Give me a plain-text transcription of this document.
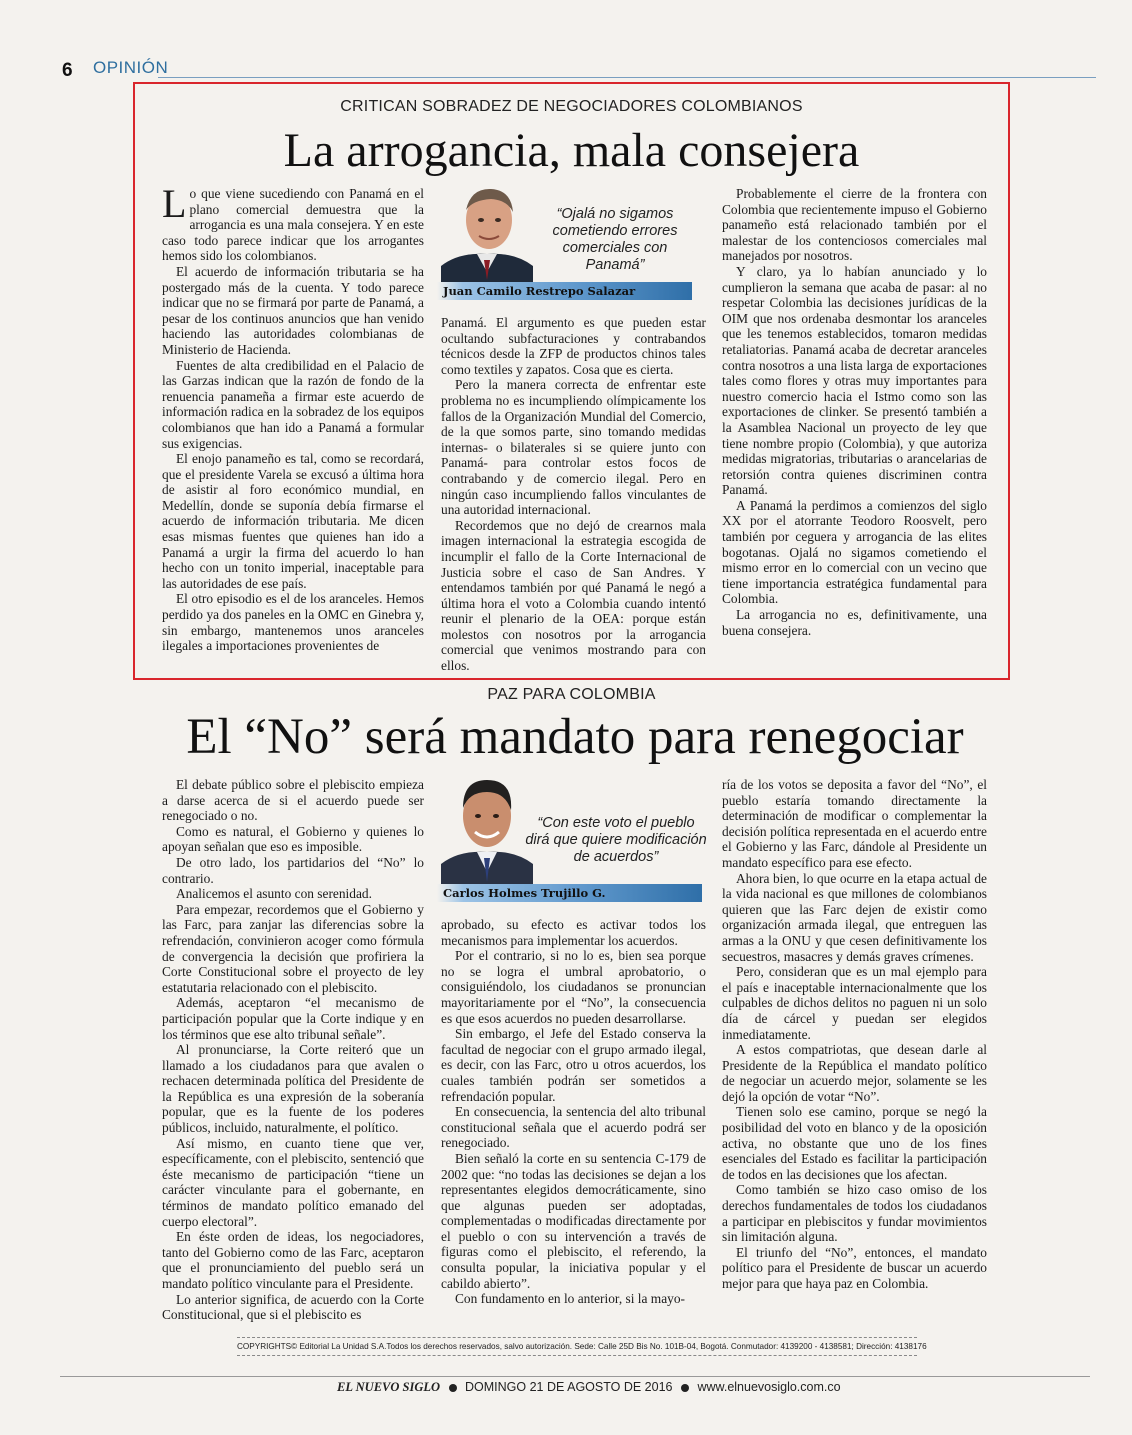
6 OPINIÓN
CRITICAN SOBRADEZ DE NEGOCIADORES COLOMBIANOS
La arrogancia, mala consejera

Lo que viene sucediendo con Panamá en el plano comercial demuestra que la arrogancia es una mala consejera. Y en este caso todo parece indicar que los arrogantes hemos sido los colombianos.

El acuerdo de información tributaria se ha postergado más de la cuenta. Y todo parece indicar que no se firmará por parte de Panamá, a pesar de los continuos anuncios que han venido haciendo las autoridades colombianas de Ministerio de Hacienda.

Fuentes de alta credibilidad en el Palacio de las Garzas indican que la razón de fondo de la renuencia panameña a firmar este acuerdo de información radica en la sobradez de los equipos colombianos que han ido a Panamá a formular sus exigencias.

El enojo panameño es tal, como se recordará, que el presidente Varela se excusó a última hora de asistir al foro económico mundial, en Medellín, donde se suponía debía firmarse el acuerdo de información tributaria. Me dicen esas mismas fuentes que quienes han ido a Panamá a urgir la firma del acuerdo lo han hecho con un tonito imperial, inaceptable para las autoridades de ese país.

El otro episodio es el de los aranceles. Hemos perdido ya dos paneles en la OMC en Ginebra y, sin embargo, mantenemos unos aranceles ilegales a importaciones provenientes de

“Ojalá no sigamos cometiendo errores comerciales con Panamá”
Juan Camilo Restrepo Salazar

Panamá. El argumento es que pueden estar ocultando subfacturaciones y contrabandos técnicos desde la ZFP de productos chinos tales como textiles y zapatos. Cosa que es cierta.

Pero la manera correcta de enfrentar este problema no es incumpliendo olímpicamente los fallos de la Organización Mundial del Comercio, de la que somos parte, sino tomando medidas internas- o bilaterales si se quiere junto con Panamá- para controlar estos focos de contrabando y de comercio ilegal. Pero en ningún caso incumpliendo fallos vinculantes de una autoridad internacional.

Recordemos que no dejó de crearnos mala imagen internacional la estrategia escogida de incumplir el fallo de la Corte Internacional de Justicia sobre el caso de San Andres. Y entendamos también por qué Panamá le negó a última hora el voto a Colombia cuando intentó reunir el plenario de la OEA: porque están molestos con nosotros por la arrogancia comercial que venimos mostrando para con ellos.

Probablemente el cierre de la frontera con Colombia que recientemente impuso el Gobierno panameño está relacionado también por el malestar de los contenciosos comerciales mal manejados por nosotros.

Y claro, ya lo habían anunciado y lo cumplieron la semana que acaba de pasar: al no respetar Colombia las decisiones jurídicas de la OIM que nos ordenaba desmontar los aranceles que les tenemos establecidos, tomaron medidas retaliatorias. Panamá acaba de decretar aranceles contra nosotros a una lista larga de exportaciones tales como flores y otras muy importantes para nuestro comercio hacia el Istmo como son las exportaciones de clinker. Se presentó también a la Asamblea Nacional un proyecto de ley que tiene nombre propio (Colombia), y que autoriza medidas migratorias, tributarias o arancelarias de retorsión contra quienes discriminen contra Panamá.

A Panamá la perdimos a comienzos del siglo XX por el atorrante Teodoro Roosvelt, pero también por ceguera y arrogancia de las elites bogotanas. Ojalá no sigamos cometiendo el mismo error en lo comercial con un vecino que tiene importancia estratégica fundamental para Colombia.

La arrogancia no es, definitivamente, una buena consejera.

PAZ PARA COLOMBIA
El “No” será mandato para renegociar

El debate público sobre el plebiscito empieza a darse acerca de si el acuerdo puede ser renegociado o no.

Como es natural, el Gobierno y quienes lo apoyan señalan que eso es imposible.

De otro lado, los partidarios del “No” lo contrario.

Analicemos el asunto con serenidad.

Para empezar, recordemos que el Gobierno y las Farc, para zanjar las diferencias sobre la refrendación, convinieron acoger como fórmula de convergencia la decisión que profiriera la Corte Constitucional sobre el proyecto de ley estatutaria relacionado con el plebiscito.

Además, aceptaron “el mecanismo de participación popular que la Corte indique y en los términos que ese alto tribunal señale”.

Al pronunciarse, la Corte reiteró que un llamado a los ciudadanos para que avalen o rechacen determinada política del Presidente de la República es una expresión de la soberanía popular, que es la fuente de los poderes públicos, incluido, naturalmente, el político.

Así mismo, en cuanto tiene que ver, específicamente, con el plebiscito, sentenció que éste mecanismo de participación “tiene un carácter vinculante para el gobernante, en términos de mandato político emanado del cuerpo electoral”.

En éste orden de ideas, los negociadores, tanto del Gobierno como de las Farc, aceptaron que el pronunciamiento del pueblo será un mandato político vinculante para el Presidente.

Lo anterior significa, de acuerdo con la Corte Constitucional, que si el plebiscito es

“Con este voto el pueblo dirá que quiere modificación de acuerdos”
Carlos Holmes Trujillo G.

aprobado, su efecto es activar todos los mecanismos para implementar los acuerdos.

Por el contrario, si no lo es, bien sea porque no se logra el umbral aprobatorio, o consiguiéndolo, los ciudadanos se pronuncian mayoritariamente por el “No”, la consecuencia es que esos acuerdos no pueden desarrollarse.

Sin embargo, el Jefe del Estado conserva la facultad de negociar con el grupo armado ilegal, es decir, con las Farc, otro u otros acuerdos, los cuales también podrán ser sometidos a refrendación popular.

En consecuencia, la sentencia del alto tribunal constitucional señala que el acuerdo podrá ser renegociado.

Bien señaló la corte en su sentencia C-179 de 2002 que: “no todas las decisiones se dejan a los representantes elegidos democráticamente, sino que algunas pueden ser adoptadas, complementadas o modificadas directamente por el pueblo o con su intervención a través de figuras como el plebiscito, el referendo, la consulta popular, la iniciativa popular y el cabildo abierto”.

Con fundamento en lo anterior, si la mayo-

ría de los votos se deposita a favor del “No”, el pueblo estaría tomando directamente la determinación de modificar o complementar la decisión política representada en el acuerdo entre el Gobierno y las Farc, dándole al Presidente un mandato específico para ese efecto.

Ahora bien, lo que ocurre en la etapa actual de la vida nacional es que millones de colombianos quieren que las Farc dejen de existir como organización armada ilegal, que entreguen las armas a la ONU y que cesen definitivamente los secuestros, masacres y demás graves crímenes.

Pero, consideran que es un mal ejemplo para el país e inaceptable internacionalmente que los culpables de dichos delitos no paguen ni un solo día de cárcel y puedan ser elegidos inmediatamente.

A estos compatriotas, que desean darle al Presidente de la República el mandato político de negociar un acuerdo mejor, solamente se les dejó la opción de votar “No”.

Tienen solo ese camino, porque se negó la posibilidad del voto en blanco y de la oposición activa, no obstante que uno de los fines esenciales del Estado es facilitar la participación de todos en las decisiones que los afectan.

Como también se hizo caso omiso de los derechos fundamentales de todos los ciudadanos a participar en plebiscitos y fundar movimientos sin limitación alguna.

El triunfo del “No”, entonces, el mandato político para el Presidente de buscar un acuerdo mejor para que haya paz en Colombia.

COPYRIGHTS© Editorial La Unidad S.A.Todos los derechos reservados, salvo autorización. Sede: Calle 25D Bis No. 101B-04, Bogotá. Conmutador: 4139200 - 4138581; Dirección: 4138176
EL NUEVO SIGLO DOMINGO 21 DE AGOSTO DE 2016 www.elnuevosiglo.com.co
